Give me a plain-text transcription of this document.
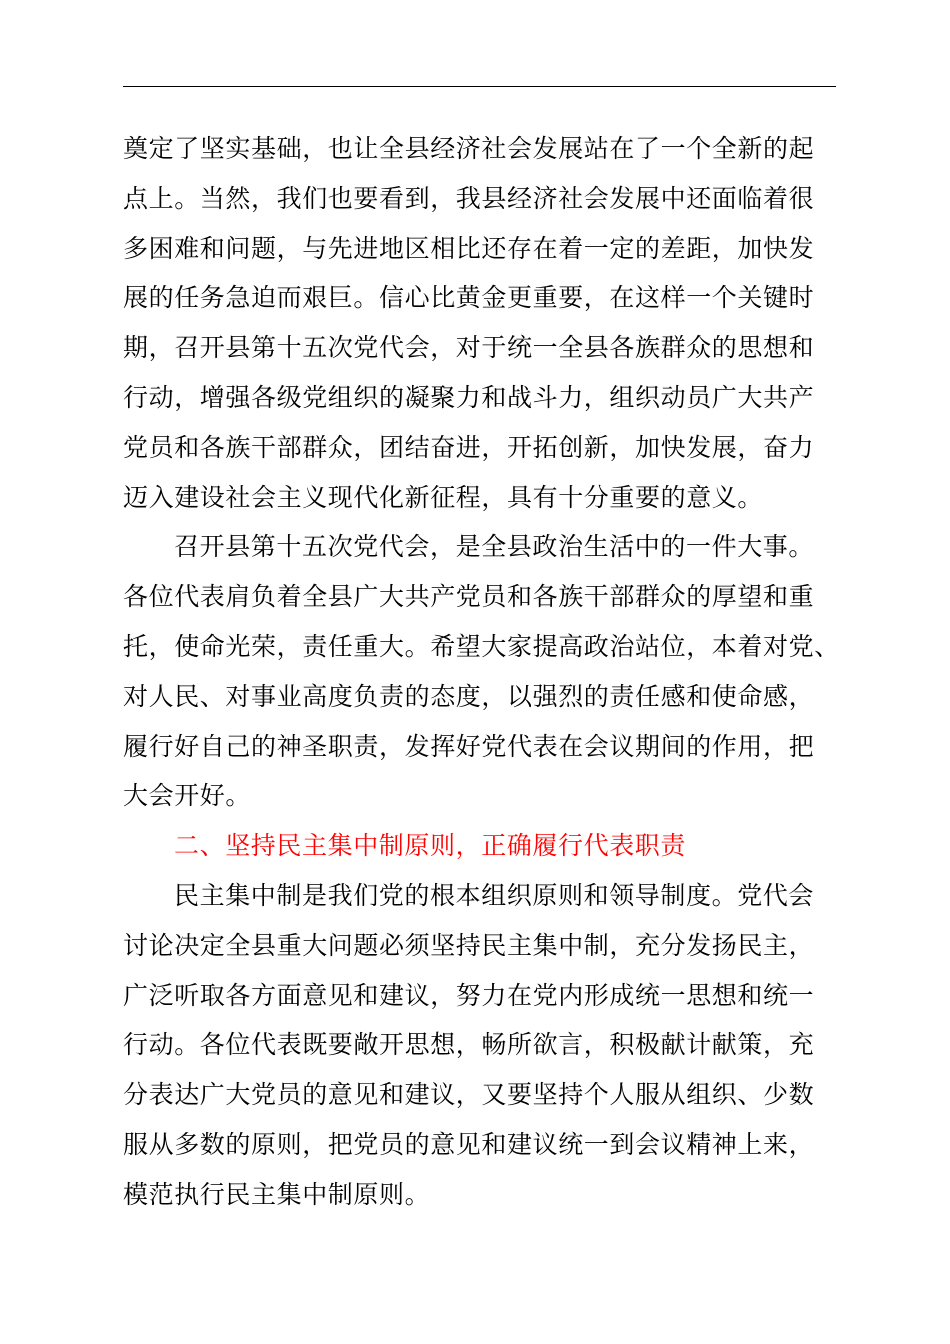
奠定了坚实基础，也让全县经济社会发展站在了一个全新的起
点上。当然，我们也要看到，我县经济社会发展中还面临着很
多困难和问题，与先进地区相比还存在着一定的差距，加快发
展的任务急迫而艰巨。信心比黄金更重要，在这样一个关键时
期，召开县第十五次党代会，对于统一全县各族群众的思想和
行动，增强各级党组织的凝聚力和战斗力，组织动员广大共产
党员和各族干部群众，团结奋进，开拓创新，加快发展，奋力
迈入建设社会主义现代化新征程，具有十分重要的意义。
召开县第十五次党代会，是全县政治生活中的一件大事。
各位代表肩负着全县广大共产党员和各族干部群众的厚望和重
托，使命光荣，责任重大。希望大家提高政治站位，本着对党、
对人民、对事业高度负责的态度，以强烈的责任感和使命感，
履行好自己的神圣职责，发挥好党代表在会议期间的作用，把
大会开好。
二、坚持民主集中制原则，正确履行代表职责
民主集中制是我们党的根本组织原则和领导制度。党代会
讨论决定全县重大问题必须坚持民主集中制，充分发扬民主，
广泛听取各方面意见和建议，努力在党内形成统一思想和统一
行动。各位代表既要敞开思想，畅所欲言，积极献计献策，充
分表达广大党员的意见和建议，又要坚持个人服从组织、少数
服从多数的原则，把党员的意见和建议统一到会议精神上来，
模范执行民主集中制原则。
